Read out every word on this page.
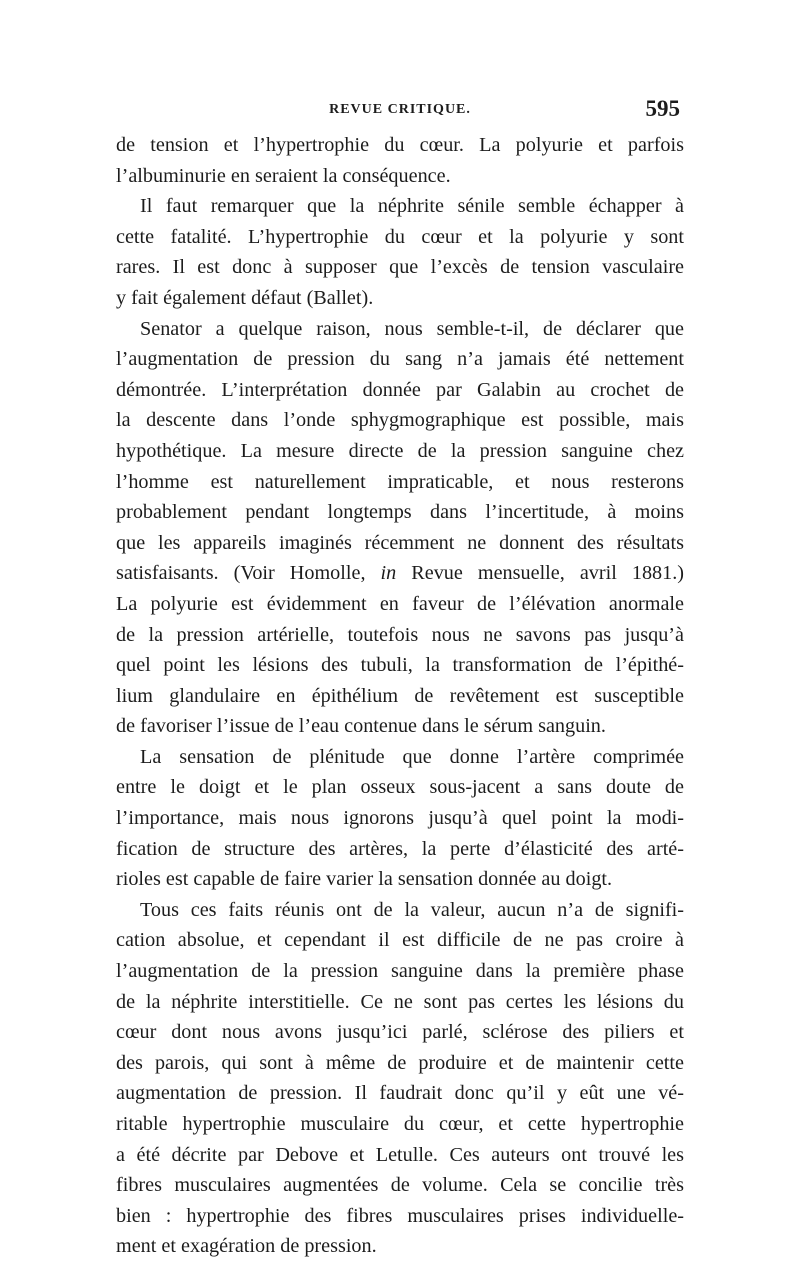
REVUE CRITIQUE.	595
de tension et l’hypertrophie du cœur. La polyurie et parfois
l’albuminurie en seraient la conséquence.
Il faut remarquer que la néphrite sénile semble échapper à
cette fatalité. L’hypertrophie du cœur et la polyurie y sont
rares. Il est donc à supposer que l’excès de tension vasculaire
y fait également défaut (Ballet).
Senator a quelque raison, nous semble-t-il, de déclarer que
l’augmentation de pression du sang n’a jamais été nettement
démontrée. L’interprétation donnée par Galabin au crochet de
la descente dans l’onde sphygmographique est possible, mais
hypothétique. La mesure directe de la pression sanguine chez
l’homme est naturellement impraticable, et nous resterons
probablement pendant longtemps dans l’incertitude, à moins
que les appareils imaginés récemment ne donnent des résultats
satisfaisants. (Voir Homolle, in Revue mensuelle, avril 1881.)
La polyurie est évidemment en faveur de l’élévation anormale
de la pression artérielle, toutefois nous ne savons pas jusqu’à
quel point les lésions des tubuli, la transformation de l’épithé-
lium glandulaire en épithélium de revêtement est susceptible
de favoriser l’issue de l’eau contenue dans le sérum sanguin.
La sensation de plénitude que donne l’artère comprimée
entre le doigt et le plan osseux sous-jacent a sans doute de
l’importance, mais nous ignorons jusqu’à quel point la modi-
fication de structure des artères, la perte d’élasticité des arté-
rioles est capable de faire varier la sensation donnée au doigt.
Tous ces faits réunis ont de la valeur, aucun n’a de signifi-
cation absolue, et cependant il est difficile de ne pas croire à
l’augmentation de la pression sanguine dans la première phase
de la néphrite interstitielle. Ce ne sont pas certes les lésions du
cœur dont nous avons jusqu’ici parlé, sclérose des piliers et
des parois, qui sont à même de produire et de maintenir cette
augmentation de pression. Il faudrait donc qu’il y eût une vé-
ritable hypertrophie musculaire du cœur, et cette hypertrophie
a été décrite par Debove et Letulle. Ces auteurs ont trouvé les
fibres musculaires augmentées de volume. Cela se concilie très
bien : hypertrophie des fibres musculaires prises individuelle-
ment et exagération de pression.
